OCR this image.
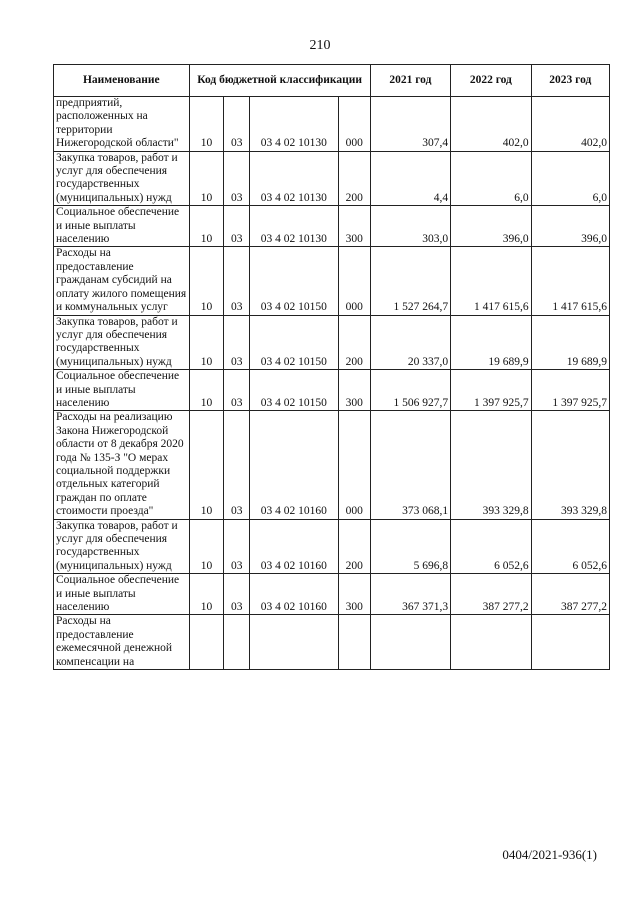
210
Наименование	Код бюджетной классификации				2021 год	2022 год	2023 год
предприятий, расположенных на территории Нижегородской области"	10	03	03 4 02 10130	000	307,4	402,0	402,0
Закупка товаров, работ и услуг для обеспечения государственных (муниципальных) нужд	10	03	03 4 02 10130	200	4,4	6,0	6,0
Социальное обеспечение и иные выплаты населению	10	03	03 4 02 10130	300	303,0	396,0	396,0
Расходы на предоставление гражданам субсидий на оплату жилого помещения и коммунальных услуг	10	03	03 4 02 10150	000	1 527 264,7	1 417 615,6	1 417 615,6
Закупка товаров, работ и услуг для обеспечения государственных (муниципальных) нужд	10	03	03 4 02 10150	200	20 337,0	19 689,9	19 689,9
Социальное обеспечение и иные выплаты населению	10	03	03 4 02 10150	300	1 506 927,7	1 397 925,7	1 397 925,7
Расходы на реализацию Закона Нижегородской области от 8 декабря 2020 года № 135-З "О мерах социальной поддержки отдельных категорий граждан по оплате стоимости проезда"	10	03	03 4 02 10160	000	373 068,1	393 329,8	393 329,8
Закупка товаров, работ и услуг для обеспечения государственных (муниципальных) нужд	10	03	03 4 02 10160	200	5 696,8	6 052,6	6 052,6
Социальное обеспечение и иные выплаты населению	10	03	03 4 02 10160	300	367 371,3	387 277,2	387 277,2
Расходы на предоставление ежемесячной денежной компенсации на							
0404/2021-936(1)
